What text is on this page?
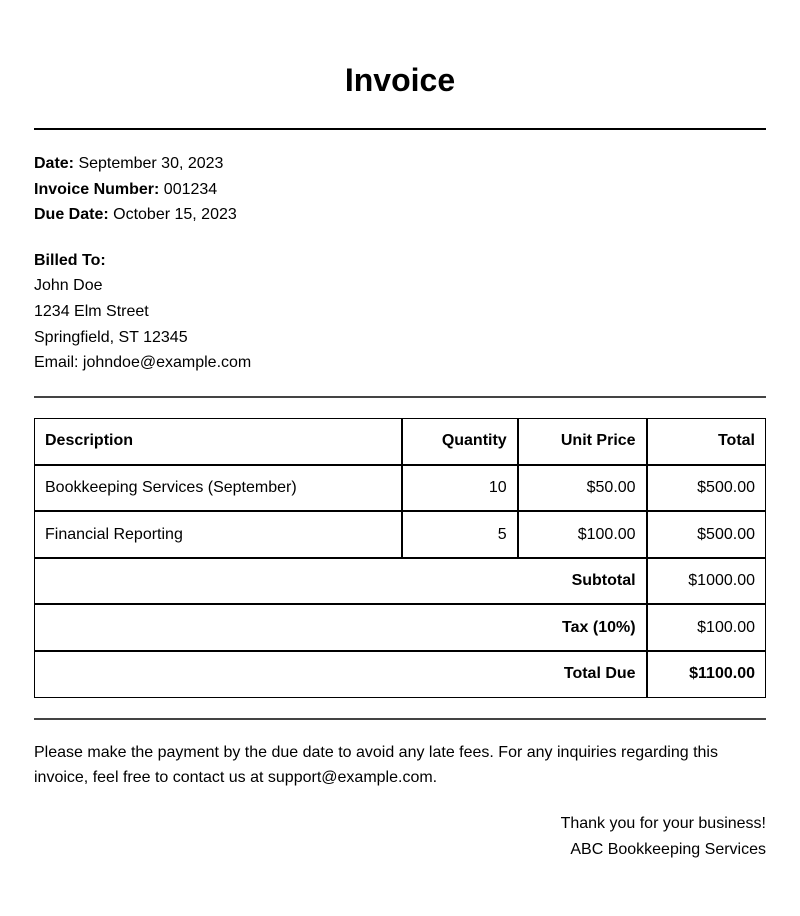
Invoice
Date: September 30, 2023
Invoice Number: 001234
Due Date: October 15, 2023
Billed To:
John Doe
1234 Elm Street
Springfield, ST 12345
Email: johndoe@example.com
Description	Quantity	Unit Price	Total
Bookkeeping Services (September)	10	$50.00	$500.00
Financial Reporting	5	$100.00	$500.00
Subtotal			$1000.00
Tax (10%)			$100.00
Total Due			$1100.00

Please make the payment by the due date to avoid any late fees. For any inquiries regarding this invoice, feel free to contact us at support@example.com.

Thank you for your business!
ABC Bookkeeping Services
